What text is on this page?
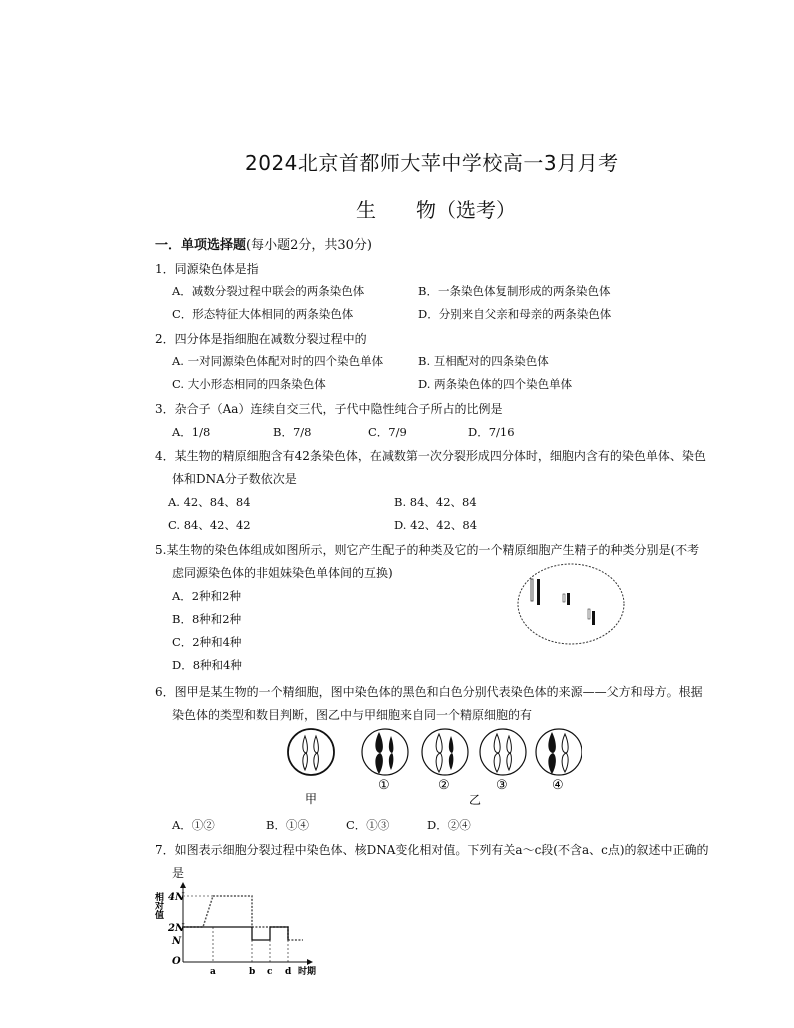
2024北京首都师大苹中学校高一3月月考
生　　物（选考）
一．单项选择题(每小题2分，共30分)
1．同源染色体是指
A．减数分裂过程中联会的两条染色体	B．一条染色体复制形成的两条染色体
C．形态特征大体相同的两条染色体	D．分别来自父亲和母亲的两条染色体
2．四分体是指细胞在减数分裂过程中的
A. 一对同源染色体配对时的四个染色单体	B. 互相配对的四条染色体
C. 大小形态相同的四条染色体	D. 两条染色体的四个染色单体
3．杂合子（Aa）连续自交三代，子代中隐性纯合子所占的比例是
A．1/8	B．7/8	C．7/9	D．7/16
4．某生物的精原细胞含有42条染色体，在减数第一次分裂形成四分体时，细胞内含有的染色单体、染色
体和DNA分子数依次是
A. 42、84、84	B. 84、42、84
C. 84、42、42	D. 42、42、84
5.某生物的染色体组成如图所示，则它产生配子的种类及它的一个精原细胞产生精子的种类分别是(不考
虑同源染色体的非姐妹染色单体间的互换)
A．2种和2种
B．8种和2种
C．2种和4种
D．8种和4种
6．图甲是某生物的一个精细胞，图中染色体的黑色和白色分别代表染色体的来源——父方和母方。根据
染色体的类型和数目判断，图乙中与甲细胞来自同一个精原细胞的有
①	②	③	④
甲	乙
A．①②	B．①④	C．①③	D．②④
7．如图表示细胞分裂过程中染色体、核DNA变化相对值。下列有关a～c段(不含a、c点)的叙述中正确的
是
相对值 4N
2N
N
O
a	b c d 时期
